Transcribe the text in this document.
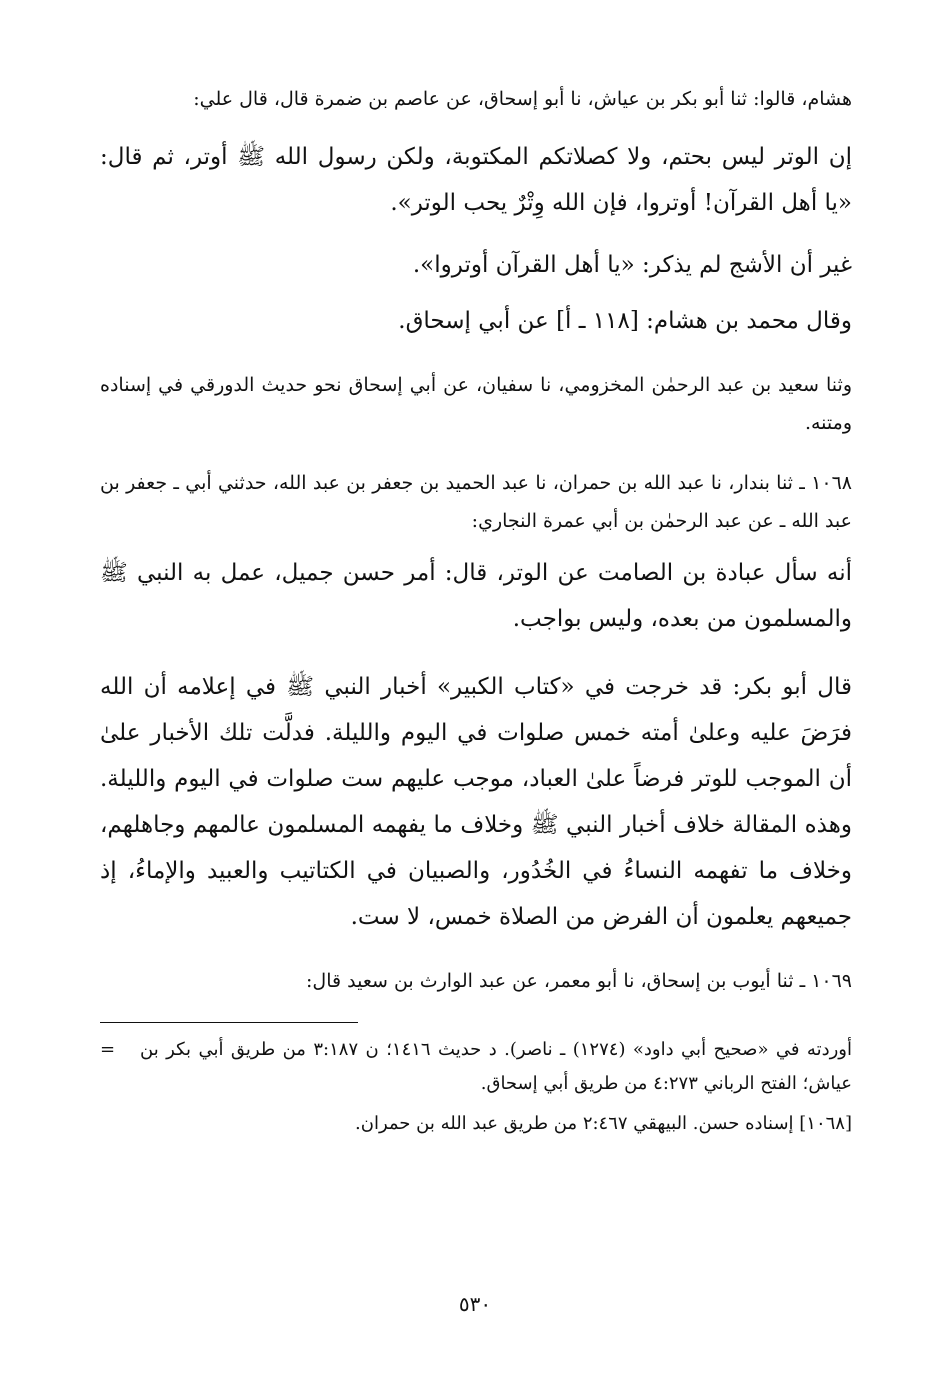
هشام، قالوا: ثنا أبو بكر بن عياش، نا أبو إسحاق، عن عاصم بن ضمرة قال، قال علي:

إن الوتر ليس بحتم، ولا كصلاتكم المكتوبة، ولكن رسول الله ﷺ أوتر، ثم قال: «يا أهل القرآن! أوتروا، فإن الله وِتْرٌ يحب الوتر».

غير أن الأشج لم يذكر: «يا أهل القرآن أوتروا».

وقال محمد بن هشام: [١١٨ ـ أ] عن أبي إسحاق.

وثنا سعيد بن عبد الرحمٰن المخزومي، نا سفيان، عن أبي إسحاق نحو حديث الدورقي في إسناده ومتنه.

١٠٦٨ ـ ثنا بندار، نا عبد الله بن حمران، نا عبد الحميد بن جعفر بن عبد الله، حدثني أبي ـ جعفر بن عبد الله ـ عن عبد الرحمٰن بن أبي عمرة النجاري:

أنه سأل عبادة بن الصامت عن الوتر، قال: أمر حسن جميل، عمل به النبي ﷺ والمسلمون من بعده، وليس بواجب.

قال أبو بكر: قد خرجت في «كتاب الكبير» أخبار النبي ﷺ في إعلامه أن الله فرَضَ عليه وعلىٰ أمته خمس صلوات في اليوم والليلة. فدلَّت تلك الأخبار علىٰ أن الموجب للوتر فرضاً علىٰ العباد، موجب عليهم ست صلوات في اليوم والليلة. وهذه المقالة خلاف أخبار النبي ﷺ وخلاف ما يفهمه المسلمون عالمهم وجاهلهم، وخلاف ما تفهمه النساءُ في الخُدُور، والصبيان في الكتاتيب والعبيد والإماءُ، إذ جميعهم يعلمون أن الفرض من الصلاة خمس، لا ست.

١٠٦٩ ـ ثنا أيوب بن إسحاق، نا أبو معمر، عن عبد الوارث بن سعيد قال:

أوردته في «صحيح أبي داود» (١٢٧٤) ـ ناصر). د حديث ١٤١٦؛ ن ٣:١٨٧ من طريق أبي بكر بن عياش؛ الفتح الرباني ٤:٢٧٣ من طريق أبي إسحاق.
=

[١٠٦٨] إسناده حسن. البيهقي ٢:٤٦٧ من طريق عبد الله بن حمران.

٥٣٠
